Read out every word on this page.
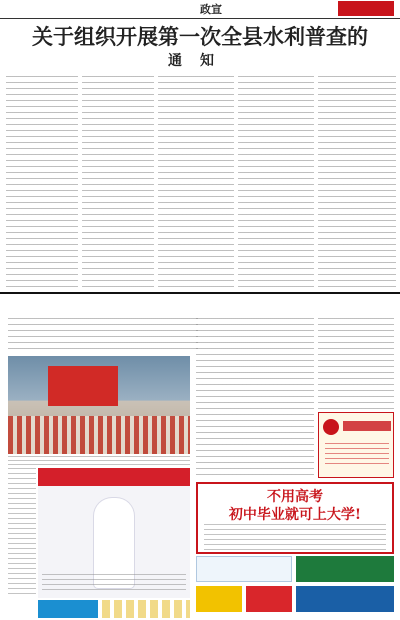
政宣
关于组织开展第一次全县水利普查的
通知
不用高考
初中毕业就可上大学!
